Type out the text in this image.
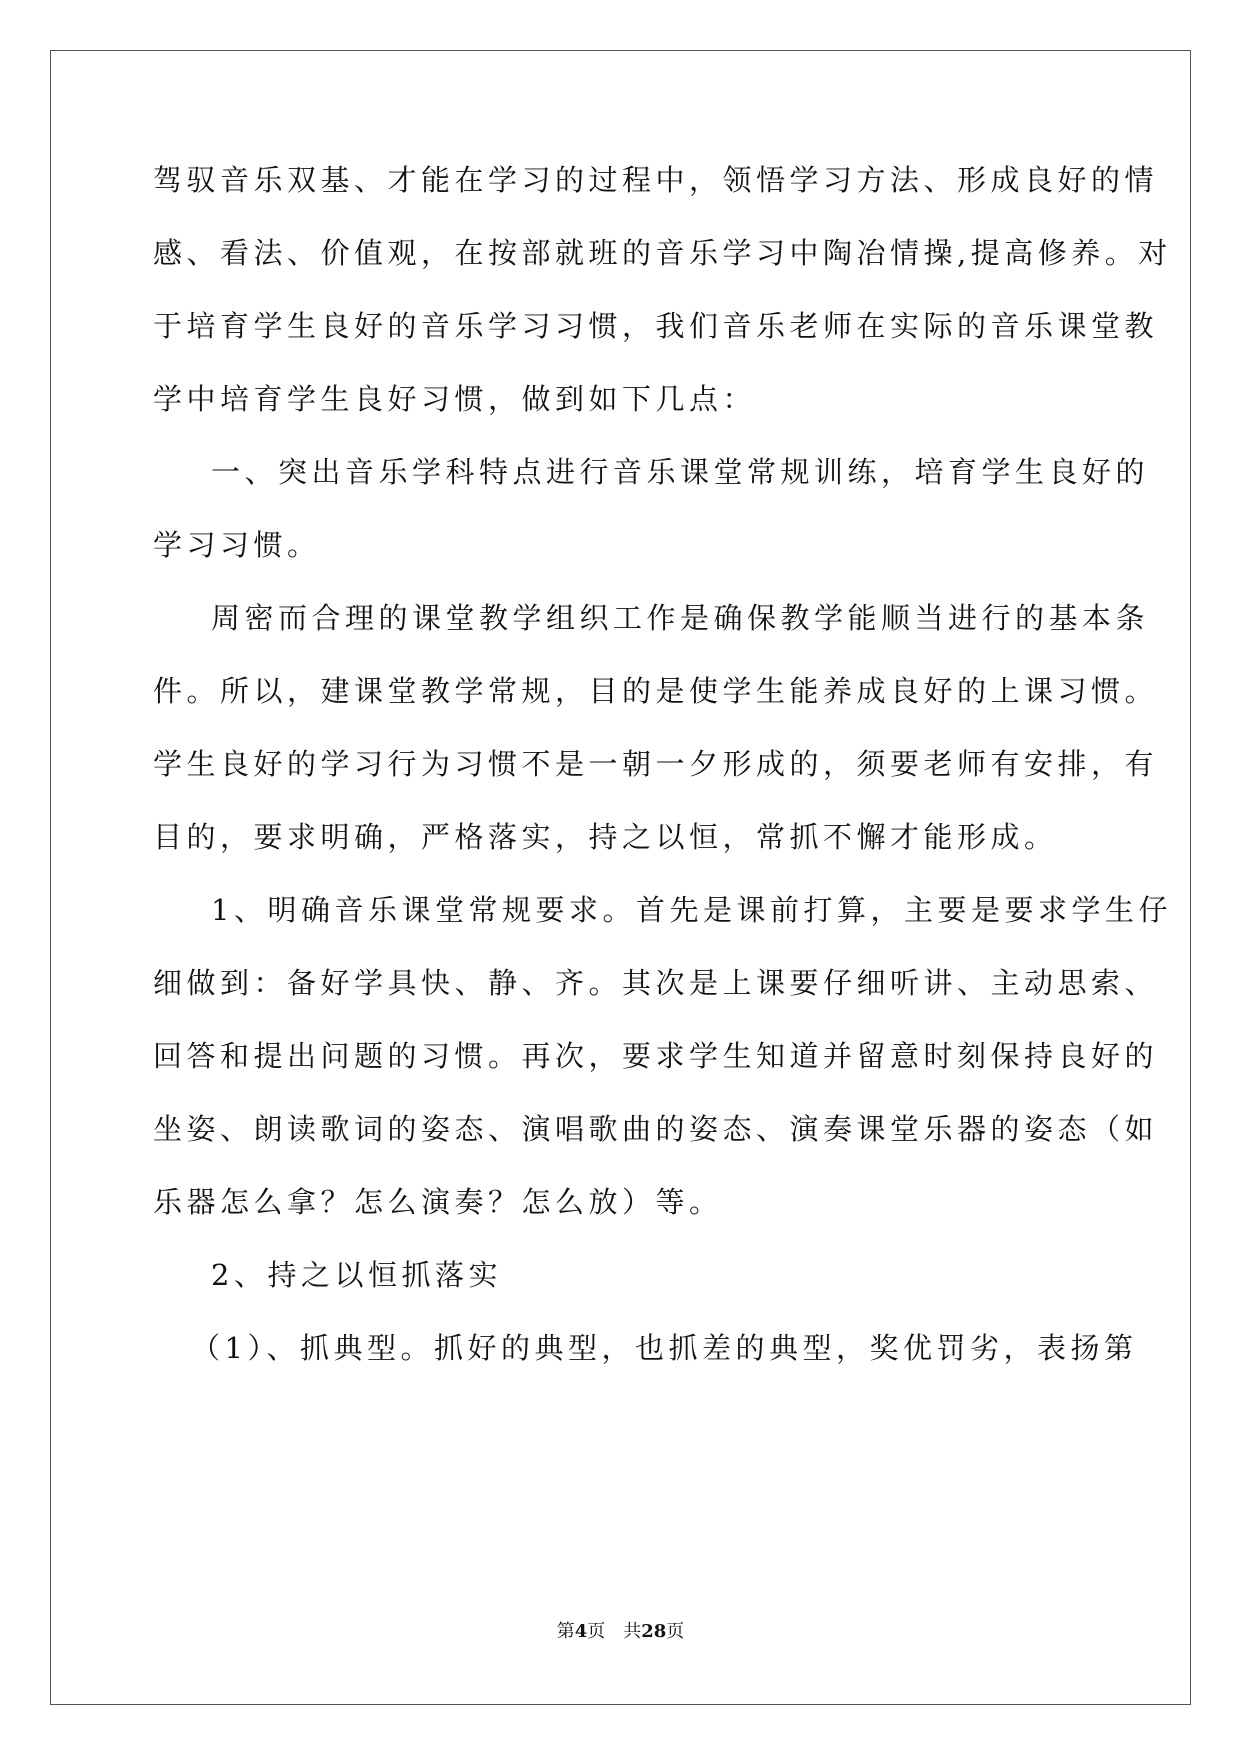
驾驭音乐双基、才能在学习的过程中，领悟学习方法、形成良好的情
感、看法、价值观，在按部就班的音乐学习中陶冶情操,提高修养。对
于培育学生良好的音乐学习习惯，我们音乐老师在实际的音乐课堂教
学中培育学生良好习惯，做到如下几点：
一、突出音乐学科特点进行音乐课堂常规训练，培育学生良好的
学习习惯。
周密而合理的课堂教学组织工作是确保教学能顺当进行的基本条
件。所以，建课堂教学常规，目的是使学生能养成良好的上课习惯。
学生良好的学习行为习惯不是一朝一夕形成的，须要老师有安排，有
目的，要求明确，严格落实，持之以恒，常抓不懈才能形成。
1、明确音乐课堂常规要求。首先是课前打算，主要是要求学生仔
细做到：备好学具快、静、齐。其次是上课要仔细听讲、主动思索、
回答和提出问题的习惯。再次，要求学生知道并留意时刻保持良好的
坐姿、朗读歌词的姿态、演唱歌曲的姿态、演奏课堂乐器的姿态（如
乐器怎么拿？怎么演奏？怎么放）等。
2、持之以恒抓落实
（1）、抓典型。抓好的典型，也抓差的典型，奖优罚劣，表扬第
第4页 共28页
